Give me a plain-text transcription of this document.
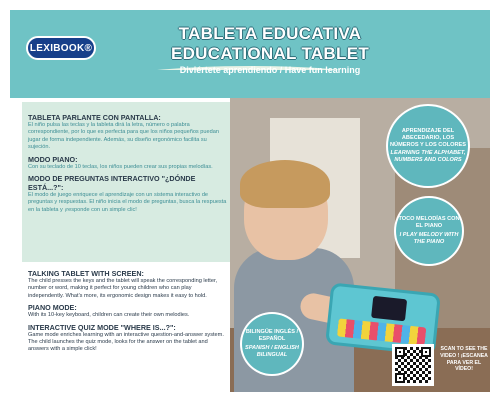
LEXIBOOK®
TABLETA EDUCATIVA
EDUCATIONAL TABLET
Diviértete aprendiendo / Have fun learning
TABLETA PARLANTE CON PANTALLA:
El niño pulsa las teclas y la tableta dirá la letra, número o palabra correspondiente, por lo que es perfecta para que los niños pequeños puedan jugar de forma independiente. Además, su diseño ergonómico facilita su sujeción.
MODO PIANO:
Con su teclado de 10 teclas, los niños pueden crear sus propias melodías.
MODO DE PREGUNTAS INTERACTIVO "¿DÓNDE ESTÁ...?":
El modo de juego enriquece el aprendizaje con un sistema interactivo de preguntas y respuestas. El niño inicia el modo de preguntas, busca la respuesta en la tableta y ¡responde con un simple clic!
TALKING TABLET WITH SCREEN:
The child presses the keys and the tablet will speak the corresponding letter, number or word, making it perfect for young children who can play independently. What's more, its ergonomic design makes it easy to hold.
PIANO MODE:
With its 10-key keyboard, children can create their own melodies.
INTERACTIVE QUIZ MODE "WHERE IS...?":
Game mode enriches learning with an interactive question-and-answer system. The child launches the quiz mode, looks for the answer on the tablet and answers with a simple click!
APRENDIZAJE DEL ABECEDARIO, LOS NÚMEROS Y LOS COLORES
LEARNING THE ALPHABET, NUMBERS AND COLORS
TOCO MELODÍAS CON EL PIANO
I PLAY MELODY WITH THE PIANO
BILINGÜE INGLÉS / ESPAÑOL
SPANISH / ENGLISH BILINGUAL
SCAN TO SEE THE VIDEO ! ¡ESCANEA PARA VER EL VÍDEO!
